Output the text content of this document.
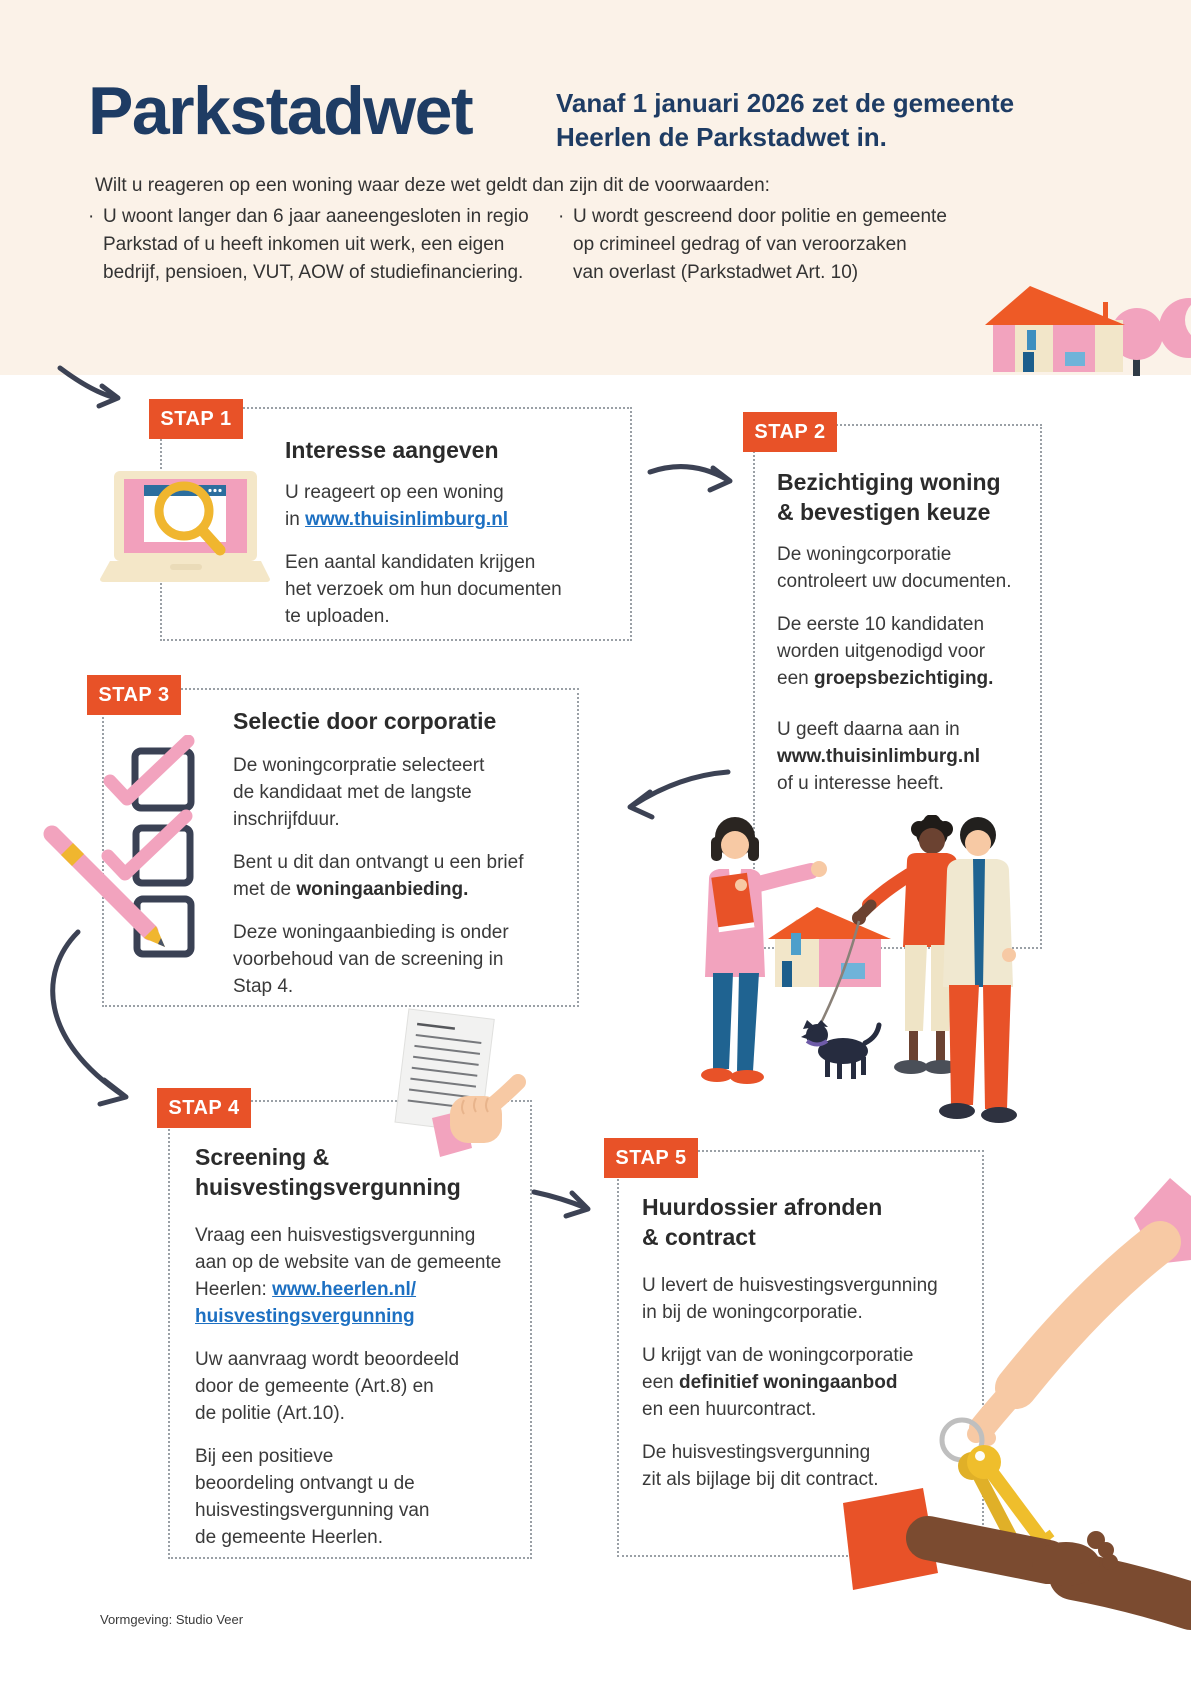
Parkstadwet	Vanaf 1 januari 2026 zet de gemeente
Heerlen de Parkstadwet in.
Wilt u reageren op een woning waar deze wet geldt dan zijn dit de voorwaarden:
· U woont langer dan 6 jaar aaneengesloten in regio
Parkstad of u heeft inkomen uit werk, een eigen
bedrijf, pensioen, VUT, AOW of studiefinanciering.
· U wordt gescreend door politie en gemeente
op crimineel gedrag of van veroorzaken
van overlast (Parkstadwet Art. 10)
STAP 1
STAP 2
STAP 3
STAP 4
STAP 5
Interesse aangeven

U reageert op een woning
in www.thuisinlimburg.nl

Een aantal kandidaten krijgen
het verzoek om hun documenten
te uploaden.

Bezichtiging woning
& bevestigen keuze

De woningcorporatie
controleert uw documenten.

De eerste 10 kandidaten
worden uitgenodigd voor
een groepsbezichtiging.

U geeft daarna aan in
www.thuisinlimburg.nl
of u interesse heeft.

Selectie door corporatie

De woningcorpratie selecteert
de kandidaat met de langste
inschrijfduur.

Bent u dit dan ontvangt u een brief
met de woningaanbieding.

Deze woningaanbieding is onder
voorbehoud van de screening in
Stap 4.

Screening &
huisvestingsvergunning

Vraag een huisvestigsvergunning
aan op de website van de gemeente
Heerlen: www.heerlen.nl/
huisvestingsvergunning

Uw aanvraag wordt beoordeeld
door de gemeente (Art.8) en
de politie (Art.10).

Bij een positieve
beoordeling ontvangt u de
huisvestingsvergunning van
de gemeente Heerlen.

Huurdossier afronden
& contract

U levert de huisvestingsvergunning
in bij de woningcorporatie.

U krijgt van de woningcorporatie
een definitief woningaanbod
en een huurcontract.

De huisvestingsvergunning
zit als bijlage bij dit contract.

Vormgeving: Studio Veer
